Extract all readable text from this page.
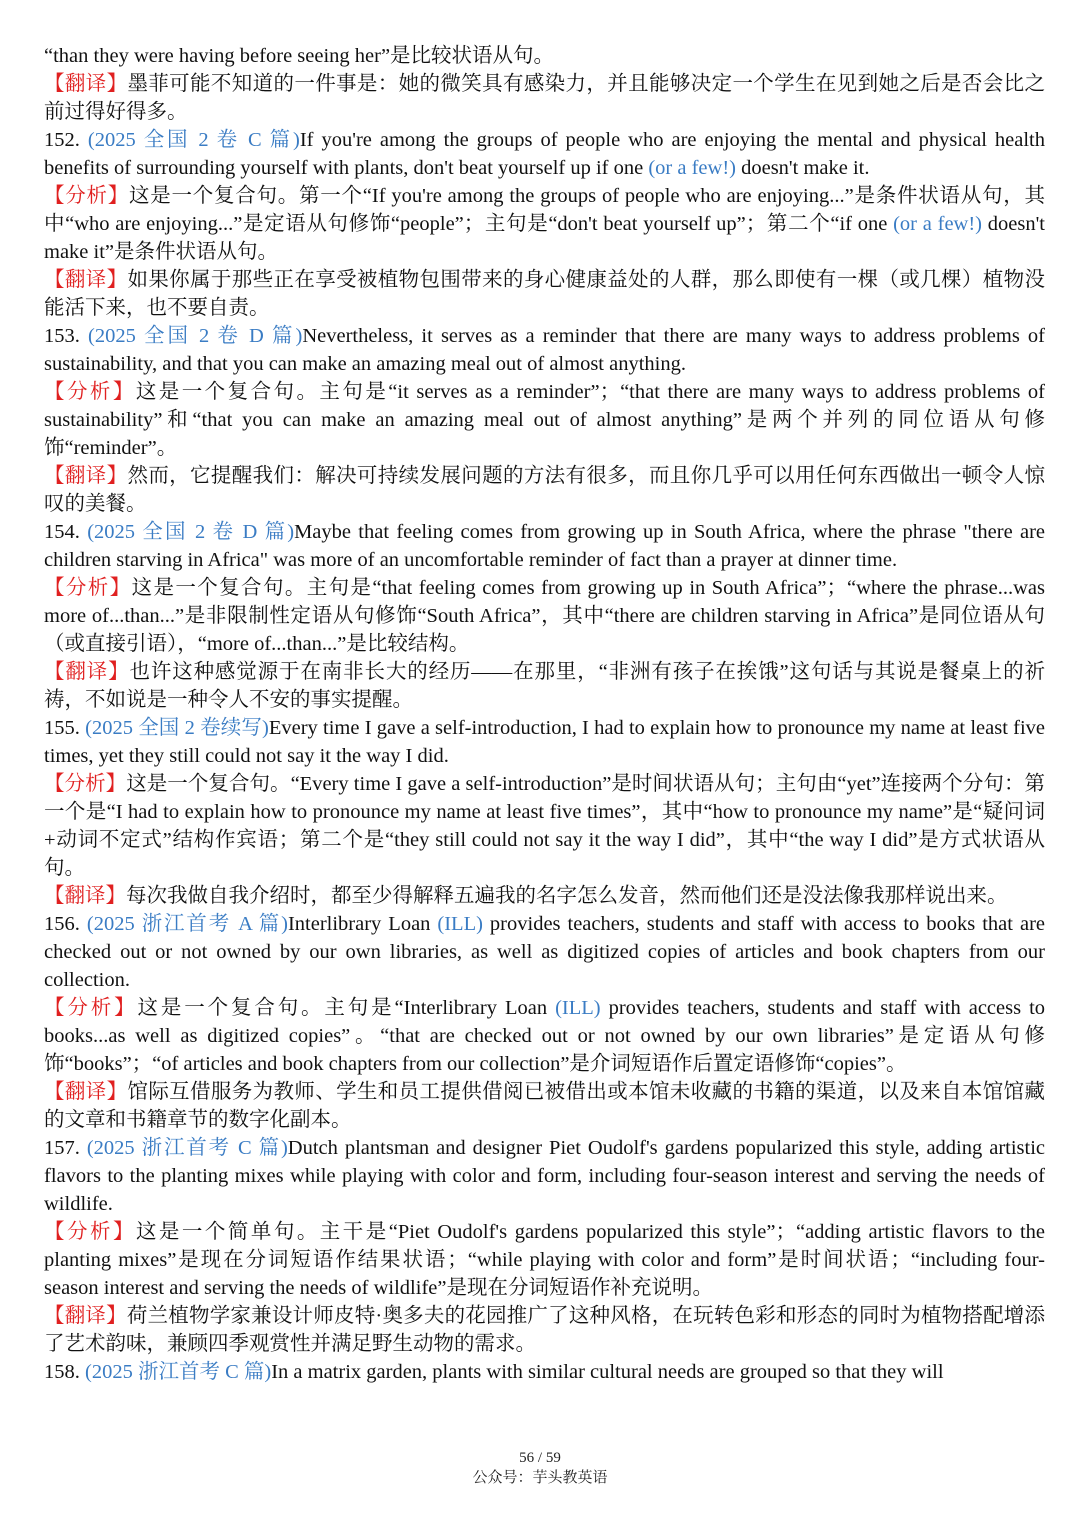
“than they were having before seeing her”是比较状语从句。

【翻译】墨菲可能不知道的一件事是：她的微笑具有感染力，并且能够决定一个学生在见到她之后是否会比之前过得好得多。

152. (2025 全国 2 卷 C 篇)If you're among the groups of people who are enjoying the mental and physical health benefits of surrounding yourself with plants, don't beat yourself up if one (or a few!) doesn't make it.

【分析】这是一个复合句。第一个“If you're among the groups of people who are enjoying...”是条件状语从句，其中“who are enjoying...”是定语从句修饰“people”；主句是“don't beat yourself up”；第二个“if one (or a few!) doesn't make it”是条件状语从句。

【翻译】如果你属于那些正在享受被植物包围带来的身心健康益处的人群，那么即使有一棵（或几棵）植物没能活下来，也不要自责。

153. (2025 全国 2 卷 D 篇)Nevertheless, it serves as a reminder that there are many ways to address problems of sustainability, and that you can make an amazing meal out of almost anything.

【分析】这是一个复合句。主句是“it serves as a reminder”；“that there are many ways to address problems of sustainability”和“that you can make an amazing meal out of almost anything”是两个并列的同位语从句修饰“reminder”。

【翻译】然而，它提醒我们：解决可持续发展问题的方法有很多，而且你几乎可以用任何东西做出一顿令人惊叹的美餐。

154. (2025 全国 2 卷 D 篇)Maybe that feeling comes from growing up in South Africa, where the phrase "there are children starving in Africa" was more of an uncomfortable reminder of fact than a prayer at dinner time.

【分析】这是一个复合句。主句是“that feeling comes from growing up in South Africa”；“where the phrase...was more of...than...”是非限制性定语从句修饰“South Africa”，其中“there are children starving in Africa”是同位语从句（或直接引语），“more of...than...”是比较结构。

【翻译】也许这种感觉源于在南非长大的经历——在那里，“非洲有孩子在挨饿”这句话与其说是餐桌上的祈祷，不如说是一种令人不安的事实提醒。

155. (2025 全国 2 卷续写)Every time I gave a self-introduction, I had to explain how to pronounce my name at least five times, yet they still could not say it the way I did.

【分析】这是一个复合句。“Every time I gave a self-introduction”是时间状语从句；主句由“yet”连接两个分句：第一个是“I had to explain how to pronounce my name at least five times”，其中“how to pronounce my name”是“疑问词+动词不定式”结构作宾语；第二个是“they still could not say it the way I did”，其中“the way I did”是方式状语从句。

【翻译】每次我做自我介绍时，都至少得解释五遍我的名字怎么发音，然而他们还是没法像我那样说出来。

156. (2025 浙江首考 A 篇)Interlibrary Loan (ILL) provides teachers, students and staff with access to books that are checked out or not owned by our own libraries, as well as digitized copies of articles and book chapters from our collection.

【分析】这是一个复合句。主句是“Interlibrary Loan (ILL) provides teachers, students and staff with access to books...as well as digitized copies”。“that are checked out or not owned by our own libraries”是定语从句修饰“books”；“of articles and book chapters from our collection”是介词短语作后置定语修饰“copies”。

【翻译】馆际互借服务为教师、学生和员工提供借阅已被借出或本馆未收藏的书籍的渠道，以及来自本馆馆藏的文章和书籍章节的数字化副本。

157. (2025 浙江首考 C 篇)Dutch plantsman and designer Piet Oudolf's gardens popularized this style, adding artistic flavors to the planting mixes while playing with color and form, including four-season interest and serving the needs of wildlife.

【分析】这是一个简单句。主干是“Piet Oudolf's gardens popularized this style”；“adding artistic flavors to the planting mixes”是现在分词短语作结果状语；“while playing with color and form”是时间状语；“including four-season interest and serving the needs of wildlife”是现在分词短语作补充说明。

【翻译】荷兰植物学家兼设计师皮特·奥多夫的花园推广了这种风格，在玩转色彩和形态的同时为植物搭配增添了艺术韵味，兼顾四季观赏性并满足野生动物的需求。

158. (2025 浙江首考 C 篇)In a matrix garden, plants with similar cultural needs are grouped so that they will

56 / 59
公众号：芋头教英语
